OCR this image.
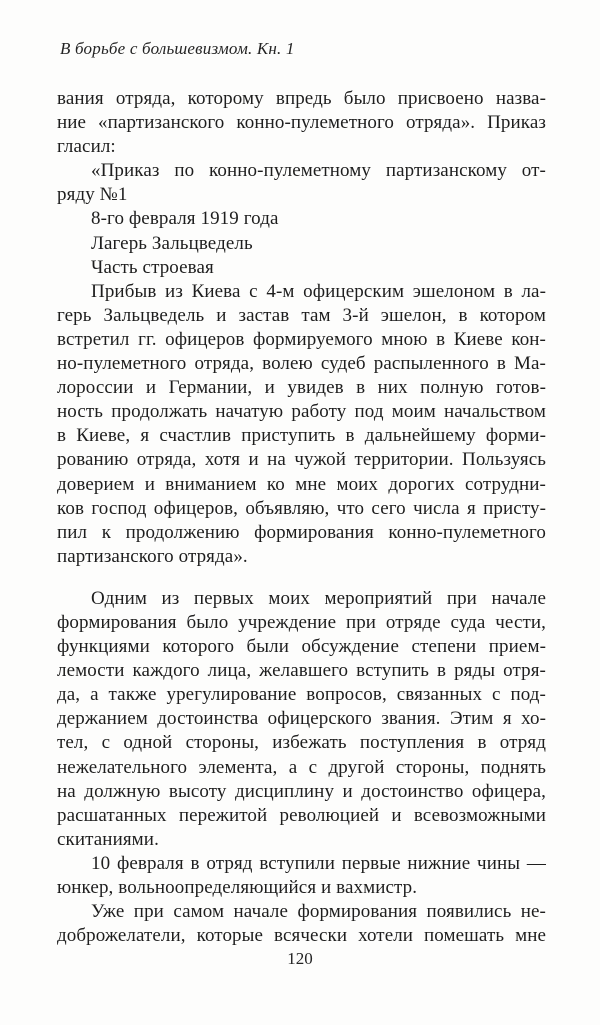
В борьбе с большевизмом. Кн. 1
вания отряда, которому впредь было присвоено назва-
ние «партизанского конно-пулеметного отряда». Приказ
гласил:
«Приказ по конно-пулеметному партизанскому от-
ряду №1
8-го февраля 1919 года
Лагерь Зальцведель
Часть строевая
Прибыв из Киева с 4-м офицерским эшелоном в ла-
герь Зальцведель и застав там 3-й эшелон, в котором
встретил гг. офицеров формируемого мною в Киеве кон-
но-пулеметного отряда, волею судеб распыленного в Ма-
лороссии и Германии, и увидев в них полную готов-
ность продолжать начатую работу под моим начальством
в Киеве, я счастлив приступить в дальнейшему форми-
рованию отряда, хотя и на чужой территории. Пользуясь
доверием и вниманием ко мне моих дорогих сотрудни-
ков господ офицеров, объявляю, что сего числа я присту-
пил к продолжению формирования конно-пулеметного
партизанского отряда».
Одним из первых моих мероприятий при начале
формирования было учреждение при отряде суда чести,
функциями которого были обсуждение степени прием-
лемости каждого лица, желавшего вступить в ряды отря-
да, а также урегулирование вопросов, связанных с под-
держанием достоинства офицерского звания. Этим я хо-
тел, с одной стороны, избежать поступления в отряд
нежелательного элемента, а с другой стороны, поднять
на должную высоту дисциплину и достоинство офицера,
расшатанных пережитой революцией и всевозможными
скитаниями.
10 февраля в отряд вступили первые нижние чины —
юнкер, вольноопределяющийся и вахмистр.
Уже при самом начале формирования появились не-
доброжелатели, которые всячески хотели помешать мне
120
